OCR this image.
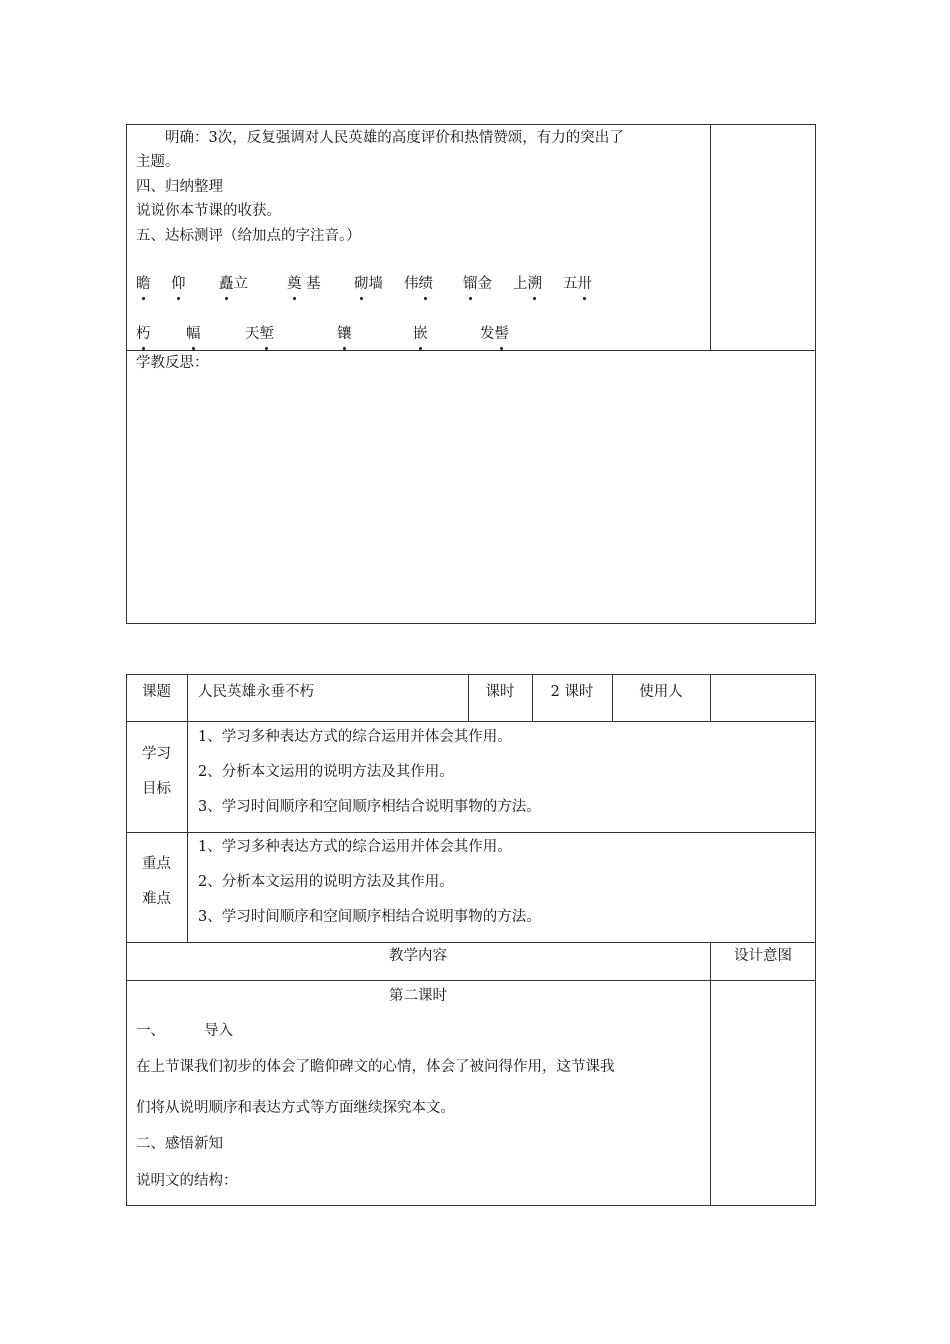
明确：3次，反复强调对人民英雄的高度评价和热情赞颂，有力的突出了
主题。
四、归纳整理
说说你本节课的收获。
五、达标测评（给加点的字注音。）
瞻 仰 矗立	奠 基 砌墙 伟绩 镏金 上溯 五卅
朽 幅	天堑	镶	嵌	发髻
学教反思：
课题	人民英雄永垂不朽	课时	2 课时	使用人
学习
目标
1、学习多种表达方式的综合运用并体会其作用。
2、分析本文运用的说明方法及其作用。
3、学习时间顺序和空间顺序相结合说明事物的方法。
重点
难点
1、学习多种表达方式的综合运用并体会其作用。
2、分析本文运用的说明方法及其作用。
3、学习时间顺序和空间顺序相结合说明事物的方法。
教学内容	设计意图
第二课时
一、	导入
在上节课我们初步的体会了瞻仰碑文的心情，体会了被问得作用，这节课我
们将从说明顺序和表达方式等方面继续探究本文。
二、感悟新知
说明文的结构：
